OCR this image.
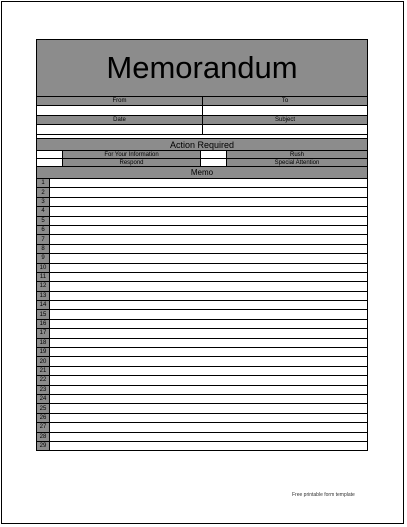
Memorandum
From	To
Date	Subject
Action Required
For Your Information	Rush
Respond	Special Attention
Memo
1
2
3
4
5
6
7
8
9
10
11
12
13
14
15
16
17
18
19
20
21
22
23
24
25
26
27
28
29
Free printable form template
